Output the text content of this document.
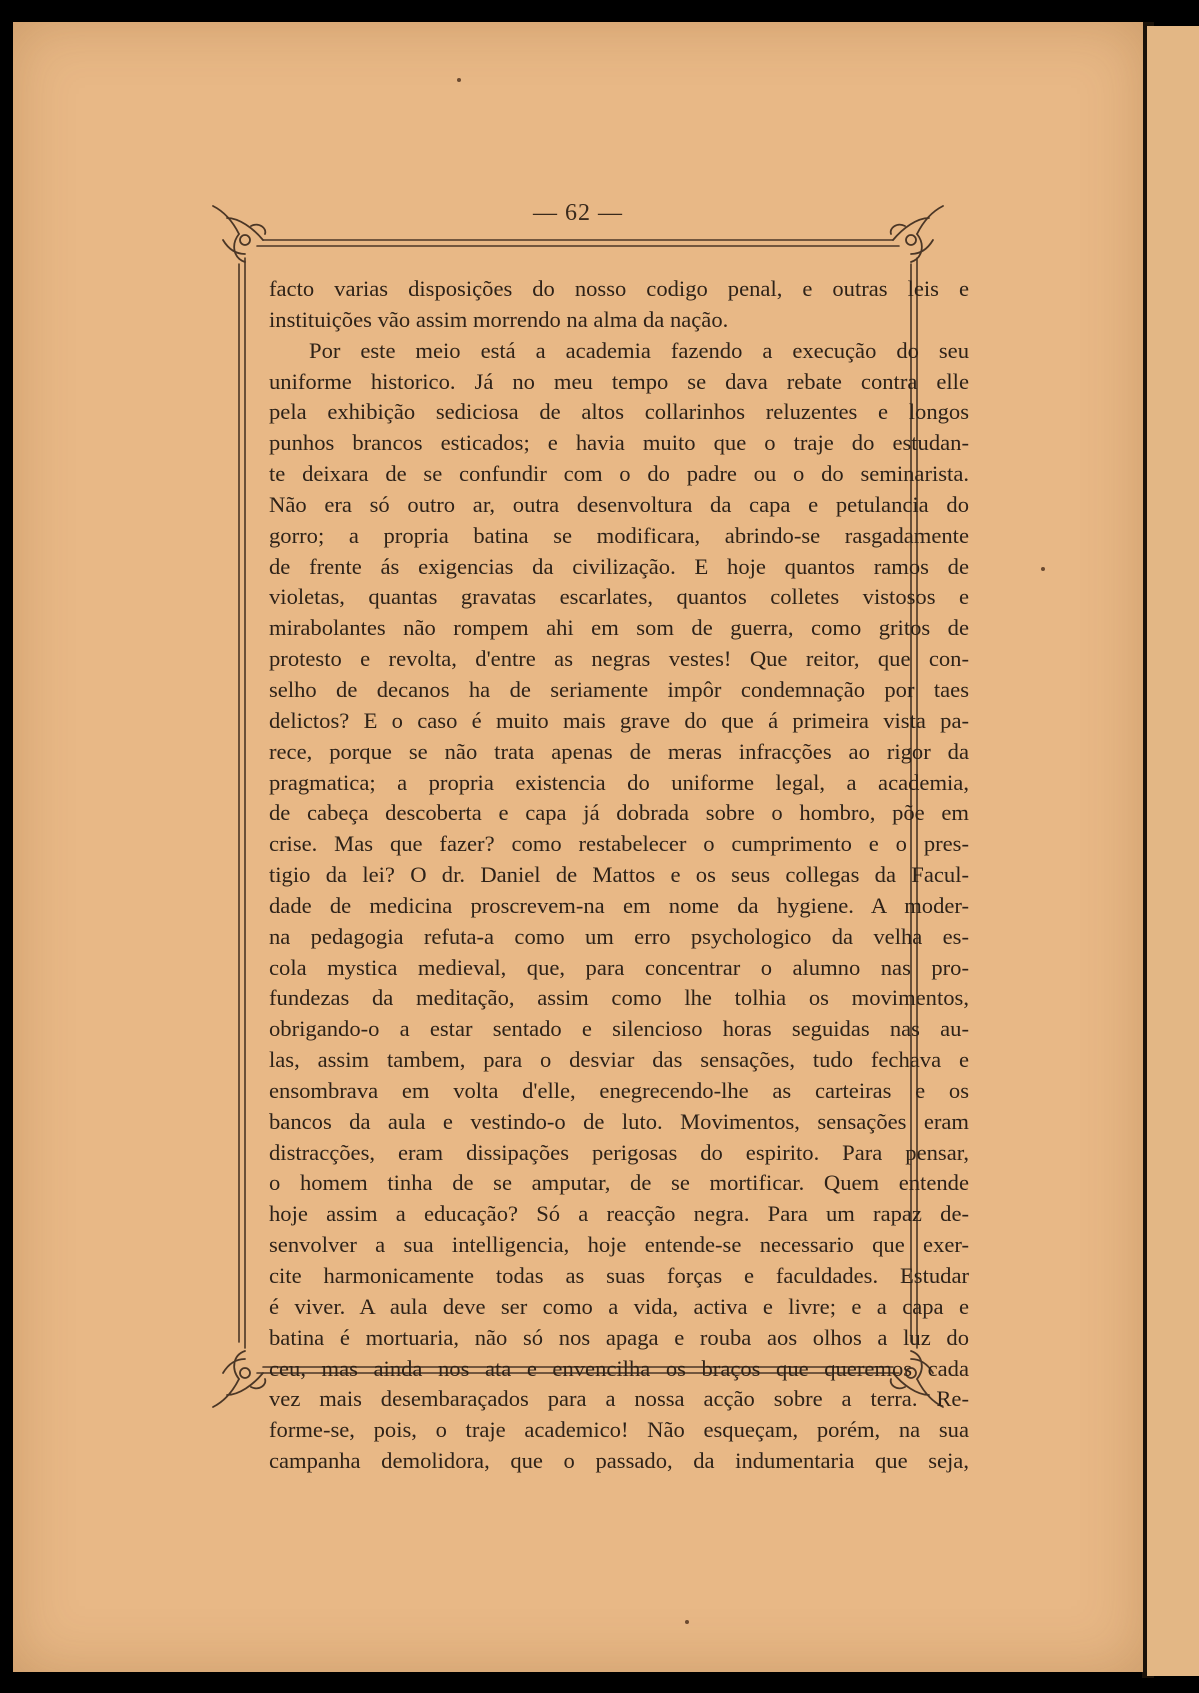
— 62 —
facto varias disposições do nosso codigo penal, e outras leis e
instituições vão assim morrendo na alma da nação.
Por este meio está a academia fazendo a execução do seu
uniforme historico. Já no meu tempo se dava rebate contra elle
pela exhibição sediciosa de altos collarinhos reluzentes e longos
punhos brancos esticados; e havia muito que o traje do estudan-
te deixara de se confundir com o do padre ou o do seminarista.
Não era só outro ar, outra desenvoltura da capa e petulancia do
gorro; a propria batina se modificara, abrindo-se rasgadamente
de frente ás exigencias da civilização. E hoje quantos ramos de
violetas, quantas gravatas escarlates, quantos colletes vistosos e
mirabolantes não rompem ahi em som de guerra, como gritos de
protesto e revolta, d'entre as negras vestes! Que reitor, que con-
selho de decanos ha de seriamente impôr condemnação por taes
delictos? E o caso é muito mais grave do que á primeira vista pa-
rece, porque se não trata apenas de meras infracções ao rigor da
pragmatica; a propria existencia do uniforme legal, a academia,
de cabeça descoberta e capa já dobrada sobre o hombro, põe em
crise. Mas que fazer? como restabelecer o cumprimento e o pres-
tigio da lei? O dr. Daniel de Mattos e os seus collegas da Facul-
dade de medicina proscrevem-na em nome da hygiene. A moder-
na pedagogia refuta-a como um erro psychologico da velha es-
cola mystica medieval, que, para concentrar o alumno nas pro-
fundezas da meditação, assim como lhe tolhia os movimentos,
obrigando-o a estar sentado e silencioso horas seguidas nas au-
las, assim tambem, para o desviar das sensações, tudo fechava e
ensombrava em volta d'elle, enegrecendo-lhe as carteiras e os
bancos da aula e vestindo-o de luto. Movimentos, sensações eram
distracções, eram dissipações perigosas do espirito. Para pensar,
o homem tinha de se amputar, de se mortificar. Quem entende
hoje assim a educação? Só a reacção negra. Para um rapaz de-
senvolver a sua intelligencia, hoje entende-se necessario que exer-
cite harmonicamente todas as suas forças e faculdades. Estudar
é viver. A aula deve ser como a vida, activa e livre; e a capa e
batina é mortuaria, não só nos apaga e rouba aos olhos a luz do
ceu, mas ainda nos ata e envencilha os braços que queremos cada
vez mais desembaraçados para a nossa acção sobre a terra. Re-
forme-se, pois, o traje academico! Não esqueçam, porém, na sua
campanha demolidora, que o passado, da indumentaria que seja,
